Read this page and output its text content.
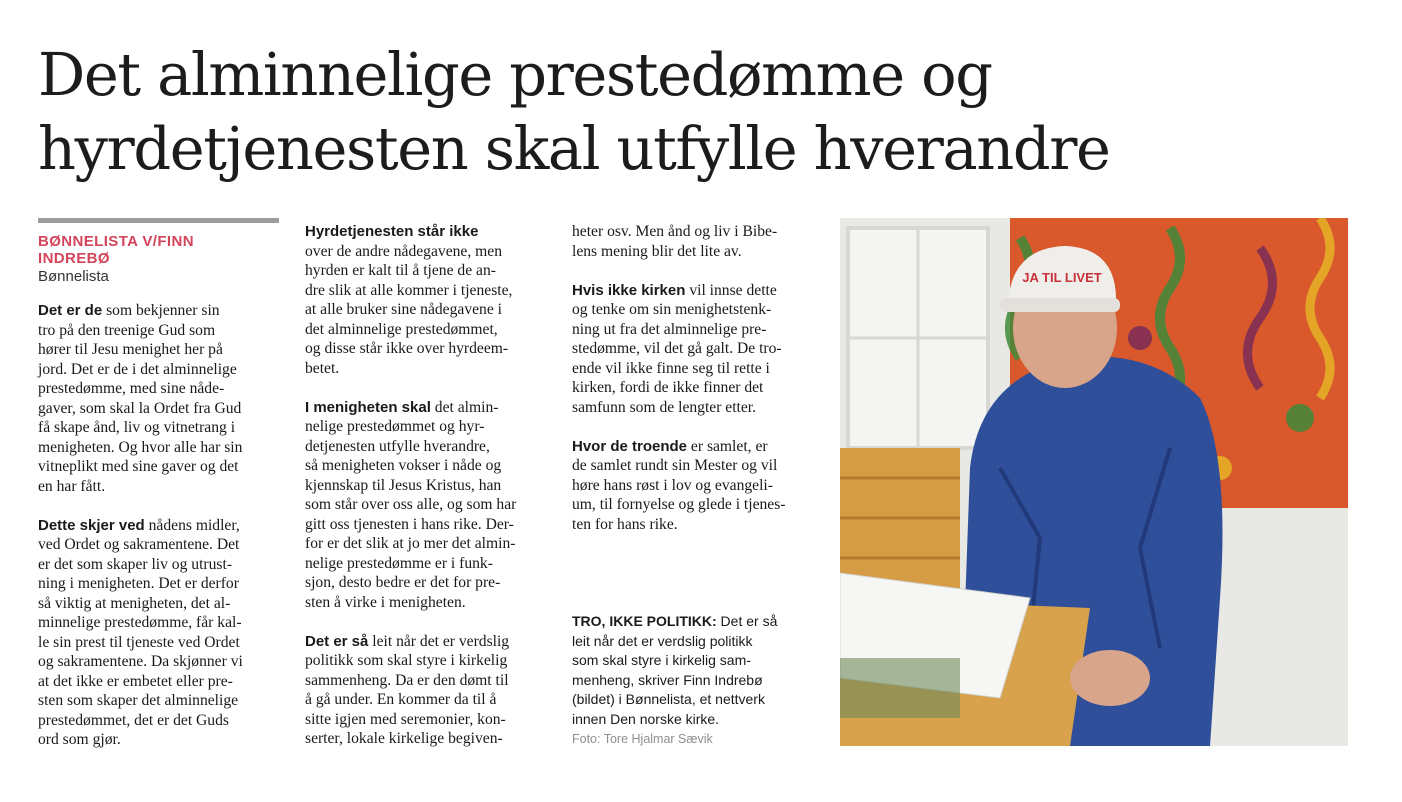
Det alminnelige prestedømme og
hyrdetjenesten skal utfylle hverandre

BØNNELISTA V/FINN
INDREBØ

Bønnelista

Det er de som bekjenner sin
tro på den treenige Gud som
hører til Jesu menighet her på
jord. Det er de i det alminnelige
prestedømme, med sine nåde-
gaver, som skal la Ordet fra Gud
få skape ånd, liv og vitnetrang i
menigheten. Og hvor alle har sin
vitneplikt med sine gaver og det
en har fått.

Dette skjer ved nådens midler,
ved Ordet og sakramentene. Det
er det som skaper liv og utrust-
ning i menigheten. Det er derfor
så viktig at menigheten, det al-
minnelige prestedømme, får kal-
le sin prest til tjeneste ved Ordet
og sakramentene. Da skjønner vi
at det ikke er embetet eller pre-
sten som skaper det alminnelige
prestedømmet, det er det Guds
ord som gjør.

Hyrdetjenesten står ikke
over de andre nådegavene, men
hyrden er kalt til å tjene de an-
dre slik at alle kommer i tjeneste,
at alle bruker sine nådegavene i
det alminnelige prestedømmet,
og disse står ikke over hyrdeem-
betet.

I menigheten skal det almin-
nelige prestedømmet og hyr-
detjenesten utfylle hverandre,
så menigheten vokser i nåde og
kjennskap til Jesus Kristus, han
som står over oss alle, og som har
gitt oss tjenesten i hans rike. Der-
for er det slik at jo mer det almin-
nelige prestedømme er i funk-
sjon, desto bedre er det for pre-
sten å virke i menigheten.

Det er så leit når det er verdslig
politikk som skal styre i kirkelig
sammenheng. Da er den dømt til
å gå under. En kommer da til å
sitte igjen med seremonier, kon-
serter, lokale kirkelige begiven-

heter osv. Men ånd og liv i Bibe-
lens mening blir det lite av.

Hvis ikke kirken vil innse dette
og tenke om sin menighetstenk-
ning ut fra det alminnelige pre-
stedømme, vil det gå galt. De tro-
ende vil ikke finne seg til rette i
kirken, fordi de ikke finner det
samfunn som de lengter etter.

Hvor de troende er samlet, er
de samlet rundt sin Mester og vil
høre hans røst i lov og evangeli-
um, til fornyelse og glede i tjenes-
ten for hans rike.

TRO, IKKE POLITIKK: Det er så
leit når det er verdslig politikk
som skal styre i kirkelig sam-
menheng, skriver Finn Indrebø
(bildet) i Bønnelista, et nettverk
innen Den norske kirke.
Foto: Tore Hjalmar Sævik
JA TIL LIVET
